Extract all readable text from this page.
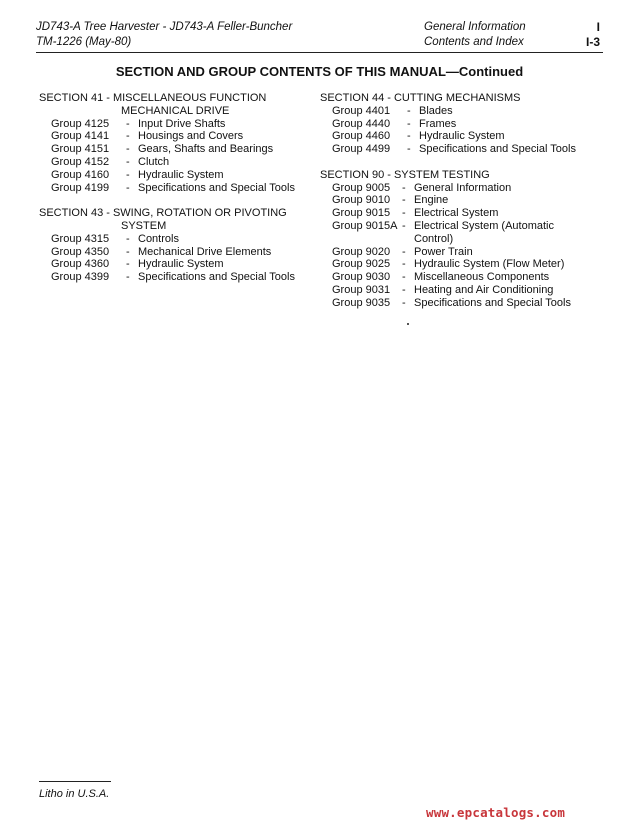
JD743-A Tree Harvester - JD743-A Feller-Buncher
TM-1226 (May-80)
General Information
Contents and Index
I
I-3
SECTION AND GROUP CONTENTS OF THIS MANUAL—Continued
SECTION 41 - MISCELLANEOUS FUNCTION
MECHANICAL DRIVE
Group 4125	- Input Drive Shafts
Group 4141	- Housings and Covers
Group 4151	- Gears, Shafts and Bearings
Group 4152	- Clutch
Group 4160	- Hydraulic System
Group 4199	- Specifications and Special Tools
SECTION 43 - SWING, ROTATION OR PIVOTING
SYSTEM
Group 4315	- Controls
Group 4350	- Mechanical Drive Elements
Group 4360	- Hydraulic System
Group 4399	- Specifications and Special Tools
SECTION 44 - CUTTING MECHANISMS
Group 4401	- Blades
Group 4440	- Frames
Group 4460	- Hydraulic System
Group 4499	- Specifications and Special Tools
SECTION 90 - SYSTEM TESTING
Group 9005	- General Information
Group 9010	- Engine
Group 9015	- Electrical System
Group 9015A - Electrical System (Automatic
Control)
Group 9020	- Power Train
Group 9025	- Hydraulic System (Flow Meter)
Group 9030	- Miscellaneous Components
Group 9031	- Heating and Air Conditioning
Group 9035	- Specifications and Special Tools
Litho in U.S.A.
www.epcatalogs.com
